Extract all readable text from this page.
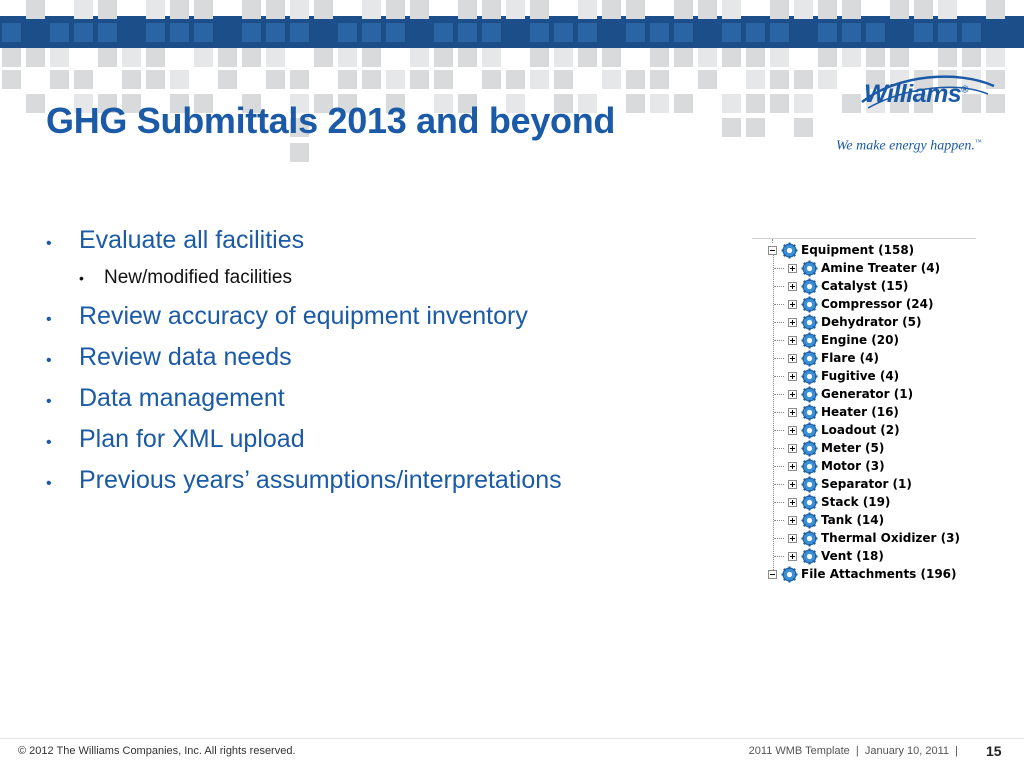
GHG Submittals 2013 and beyond
Williams®
We make energy happen.™
•	Evaluate all facilities
•	New/modified facilities
•	Review accuracy of equipment inventory
•	Review data needs
•	Data management
•	Plan for XML upload
•	Previous years’ assumptions/interpretations
Equipment (158)
Amine Treater (4)
Catalyst (15)
Compressor (24)
Dehydrator (5)
Engine (20)
Flare (4)
Fugitive (4)
Generator (1)
Heater (16)
Loadout (2)
Meter (5)
Motor (3)
Separator (1)
Stack (19)
Tank (14)
Thermal Oxidizer (3)
Vent (18)
File Attachments (196)
© 2012 The Williams Companies, Inc. All rights reserved.	2011 WMB Template  |  January 10, 2011  | 15
